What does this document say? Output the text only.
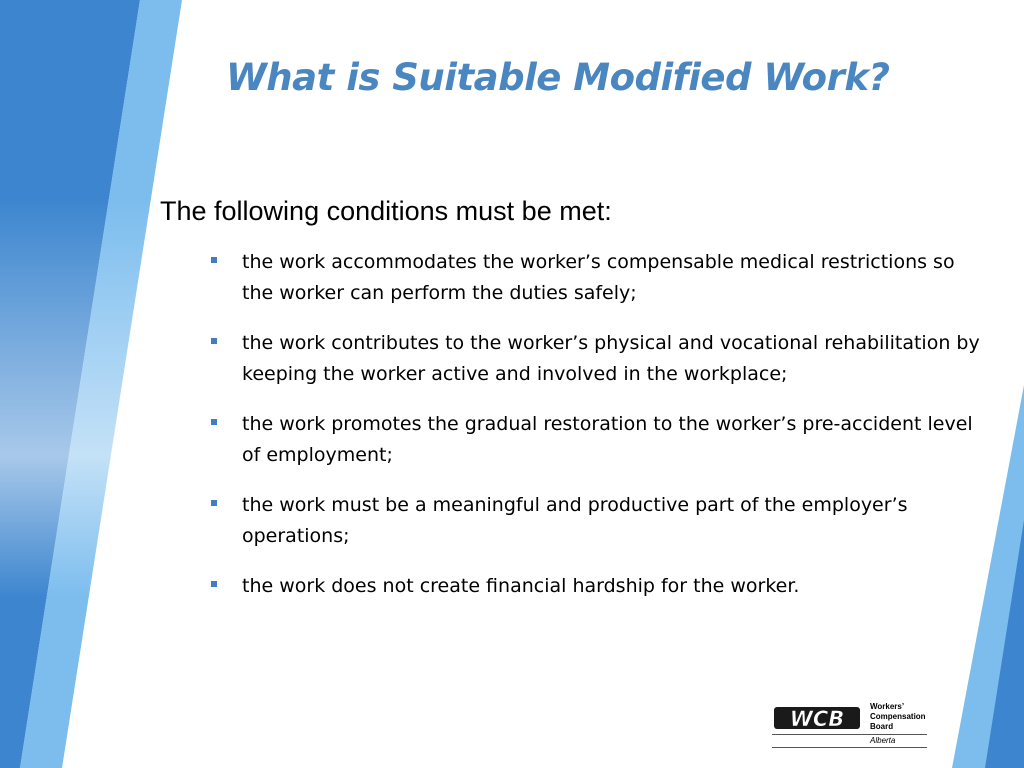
What is Suitable Modified Work?

The following conditions must be met:

the work accommodates the worker’s compensable medical restrictions so the worker can perform the duties safely;
the work contributes to the worker’s physical and vocational rehabilitation by keeping the worker active and involved in the workplace;
the work promotes the gradual restoration to the worker’s pre-accident level of employment;
the work must be a meaningful and productive part of the employer’s operations;
the work does not create financial hardship for the worker.
WCB
Workers’
Compensation
Board
Alberta
